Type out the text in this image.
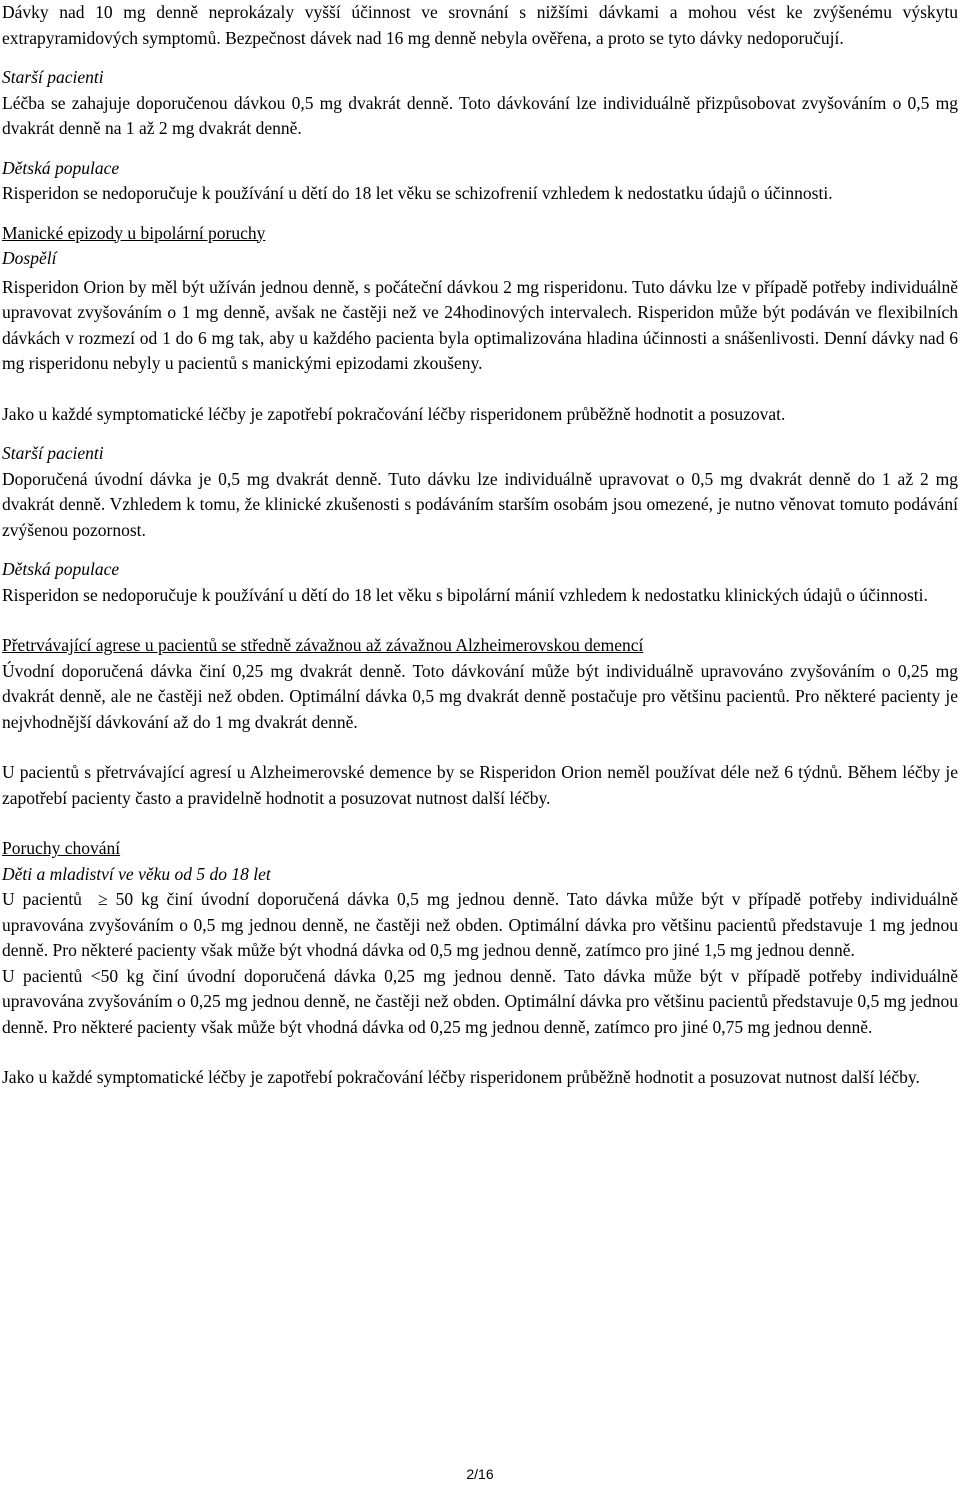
Dávky nad 10 mg denně neprokázaly vyšší účinnost ve srovnání s nižšími dávkami a mohou vést ke zvýšenému výskytu extrapyramidových symptomů. Bezpečnost dávek nad 16 mg denně nebyla ověřena, a proto se tyto dávky nedoporučují.

Starší pacienti

Léčba se zahajuje doporučenou dávkou 0,5 mg dvakrát denně. Toto dávkování lze individuálně přizpůsobovat zvyšováním o 0,5 mg dvakrát denně na 1 až 2 mg dvakrát denně.

Dětská populace

Risperidon se nedoporučuje k používání u dětí do 18 let věku se schizofrenií vzhledem k nedostatku údajů o účinnosti.

Manické epizody u bipolární poruchy

Dospělí

Risperidon Orion by měl být užíván jednou denně, s počáteční dávkou 2 mg risperidonu. Tuto dávku lze v případě potřeby individuálně upravovat zvyšováním o 1 mg denně, avšak ne častěji než ve 24hodinových intervalech. Risperidon může být podáván ve flexibilních dávkách v rozmezí od 1 do 6 mg tak, aby u každého pacienta byla optimalizována hladina účinnosti a snášenlivosti. Denní dávky nad 6 mg risperidonu nebyly u pacientů s manickými epizodami zkoušeny.

Jako u každé symptomatické léčby je zapotřebí pokračování léčby risperidonem průběžně hodnotit a posuzovat.

Starší pacienti

Doporučená úvodní dávka je 0,5 mg dvakrát denně. Tuto dávku lze individuálně upravovat o 0,5 mg dvakrát denně do 1 až 2 mg dvakrát denně. Vzhledem k tomu, že klinické zkušenosti s podáváním starším osobám jsou omezené, je nutno věnovat tomuto podávání zvýšenou pozornost.

Dětská populace

Risperidon se nedoporučuje k používání u dětí do 18 let věku s bipolární mánií vzhledem k nedostatku klinických údajů o účinnosti.

Přetrvávající agrese u pacientů se středně závažnou až závažnou Alzheimerovskou demencí

Úvodní doporučená dávka činí 0,25 mg dvakrát denně. Toto dávkování může být individuálně upravováno zvyšováním o 0,25 mg dvakrát denně, ale ne častěji než obden. Optimální dávka 0,5 mg dvakrát denně postačuje pro většinu pacientů. Pro některé pacienty je nejvhodnější dávkování až do 1 mg dvakrát denně.

U pacientů s přetrvávající agresí u Alzheimerovské demence by se Risperidon Orion neměl používat déle než 6 týdnů. Během léčby je zapotřebí pacienty často a pravidelně hodnotit a posuzovat nutnost další léčby.

Poruchy chování

Děti a mladiství ve věku od 5 do 18 let

U pacientů ≥ 50 kg činí úvodní doporučená dávka 0,5 mg jednou denně. Tato dávka může být v případě potřeby individuálně upravována zvyšováním o 0,5 mg jednou denně, ne častěji než obden. Optimální dávka pro většinu pacientů představuje 1 mg jednou denně. Pro některé pacienty však může být vhodná dávka od 0,5 mg jednou denně, zatímco pro jiné 1,5 mg jednou denně.

U pacientů <50 kg činí úvodní doporučená dávka 0,25 mg jednou denně. Tato dávka může být v případě potřeby individuálně upravována zvyšováním o 0,25 mg jednou denně, ne častěji než obden. Optimální dávka pro většinu pacientů představuje 0,5 mg jednou denně. Pro některé pacienty však může být vhodná dávka od 0,25 mg jednou denně, zatímco pro jiné 0,75 mg jednou denně.

Jako u každé symptomatické léčby je zapotřebí pokračování léčby risperidonem průběžně hodnotit a posuzovat nutnost další léčby.

2/16
